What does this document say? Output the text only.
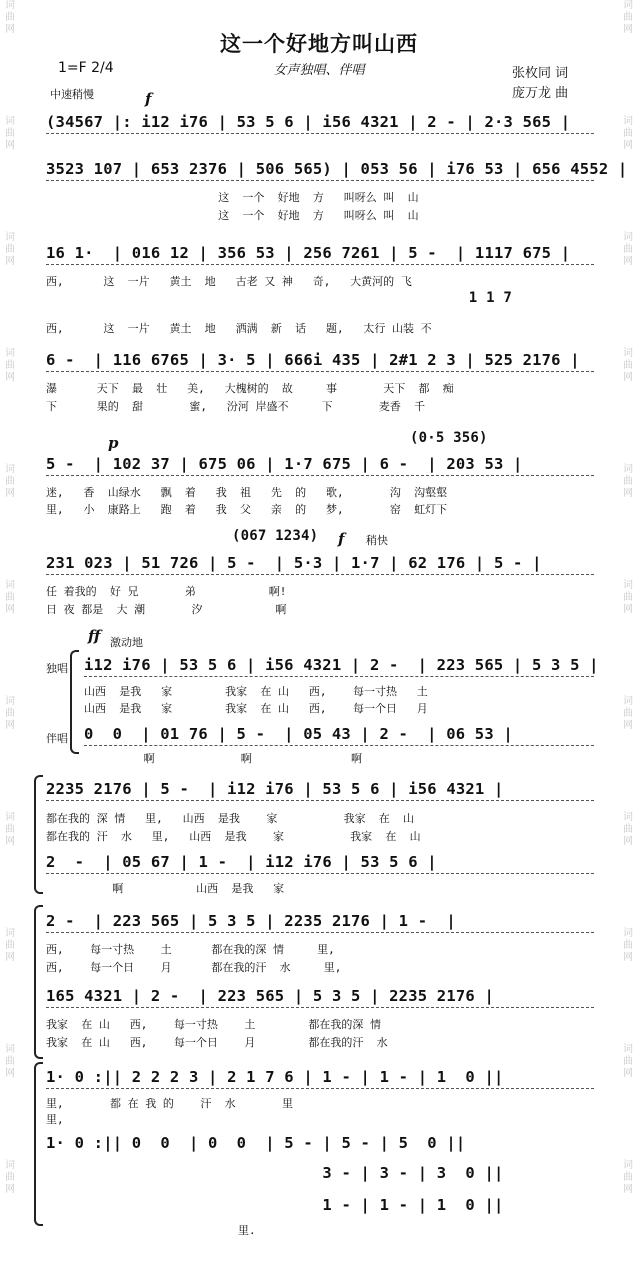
词曲网
词曲网
词曲网
词曲网
词曲网
词曲网
词曲网
词曲网
词曲网
词曲网
词曲网
词曲网
词曲网
词曲网
词曲网
词曲网
词曲网
词曲网
词曲网
词曲网
词曲网
词曲网
这一个好地方叫山西
1=F 2/4	女声独唱、伴唱	张枚同 词
庞万龙 曲
中速稍慢	f
(34567 |: i12 i76 | 53 5 6 | i56 4321 | 2 - | 2·3 565 |
3523 107 | 653 2376 | 506 565) | 053 56 | i76 53 | 656 4552 |
这  一个  好地  方   叫呀么 叫  山
这  一个  好地  方   叫呀么 叫  山
16 1·  | 016 12 | 356 53 | 256 7261 | 5 -  | 1117 675 |
西,      这  一片   黄土  地   古老 又 神   奇,   大黄河的 飞
1 1 7
西,      这  一片   黄土  地   洒满  新  话   题,   太行 山装 不
6 -  | 116 6765 | 3· 5 | 666i 435 | 2#1 2 3 | 525 2176 |
瀑      天下  最  壮   美,   大槐树的  故     事       天下  都  痴
下      果的  甜       蜜,   汾河 岸盛不     下       麦香  千
p	(0·5 356)
5 -  | 102 37 | 675 06 | 1·7 675 | 6 -  | 203 53 |
迷,   香  山绿水   飘  着   我  祖   先  的   歌,       沟  沟壑壑
里,   小  康路上   跑  着   我  父   亲  的   梦,       窑  虹灯下
(067 1234)	f 稍快
231 023 | 51 726 | 5 -  | 5·3 | 1·7 | 62 176 | 5 - |
任 着我的  好 兄       弟           啊!
日 夜 都是  大 潮       汐           啊
ff 激动地
独唱
伴唱
i12 i76 | 53 5 6 | i56 4321 | 2 -  | 223 565 | 5 3 5 |
山西  是我   家        我家  在 山   西,    每一寸热   土
山西  是我   家        我家  在 山   西,    每一个日   月
0  0  | 01 76 | 5 -  | 05 43 | 2 -  | 06 53 |
啊             啊               啊
2235 2176 | 5 -  | i12 i76 | 53 5 6 | i56 4321 |
都在我的 深 情   里,   山西  是我    家          我家  在  山
都在我的 汗  水   里,   山西  是我    家          我家  在  山
2  -  | 05 67 | 1 -  | i12 i76 | 53 5 6 |
啊           山西  是我   家
2 -  | 223 565 | 5 3 5 | 2235 2176 | 1 -  |
西,    每一寸热    土      都在我的深 情     里,
西,    每一个日    月      都在我的汗  水     里,
165 4321 | 2 -  | 223 565 | 5 3 5 | 2235 2176 |
我家  在 山   西,    每一寸热    土        都在我的深 情
我家  在 山   西,    每一个日    月        都在我的汗  水
1· 0 :|| 2 2 2 3 | 2 1 7 6 | 1 - | 1 - | 1  0 ||
里,       都 在 我 的    汗  水       里
里,
1· 0 :|| 0  0  | 0  0  | 5 - | 5 - | 5  0 ||
3 - | 3 - | 3  0 ||
1 - | 1 - | 1  0 ||
里.
